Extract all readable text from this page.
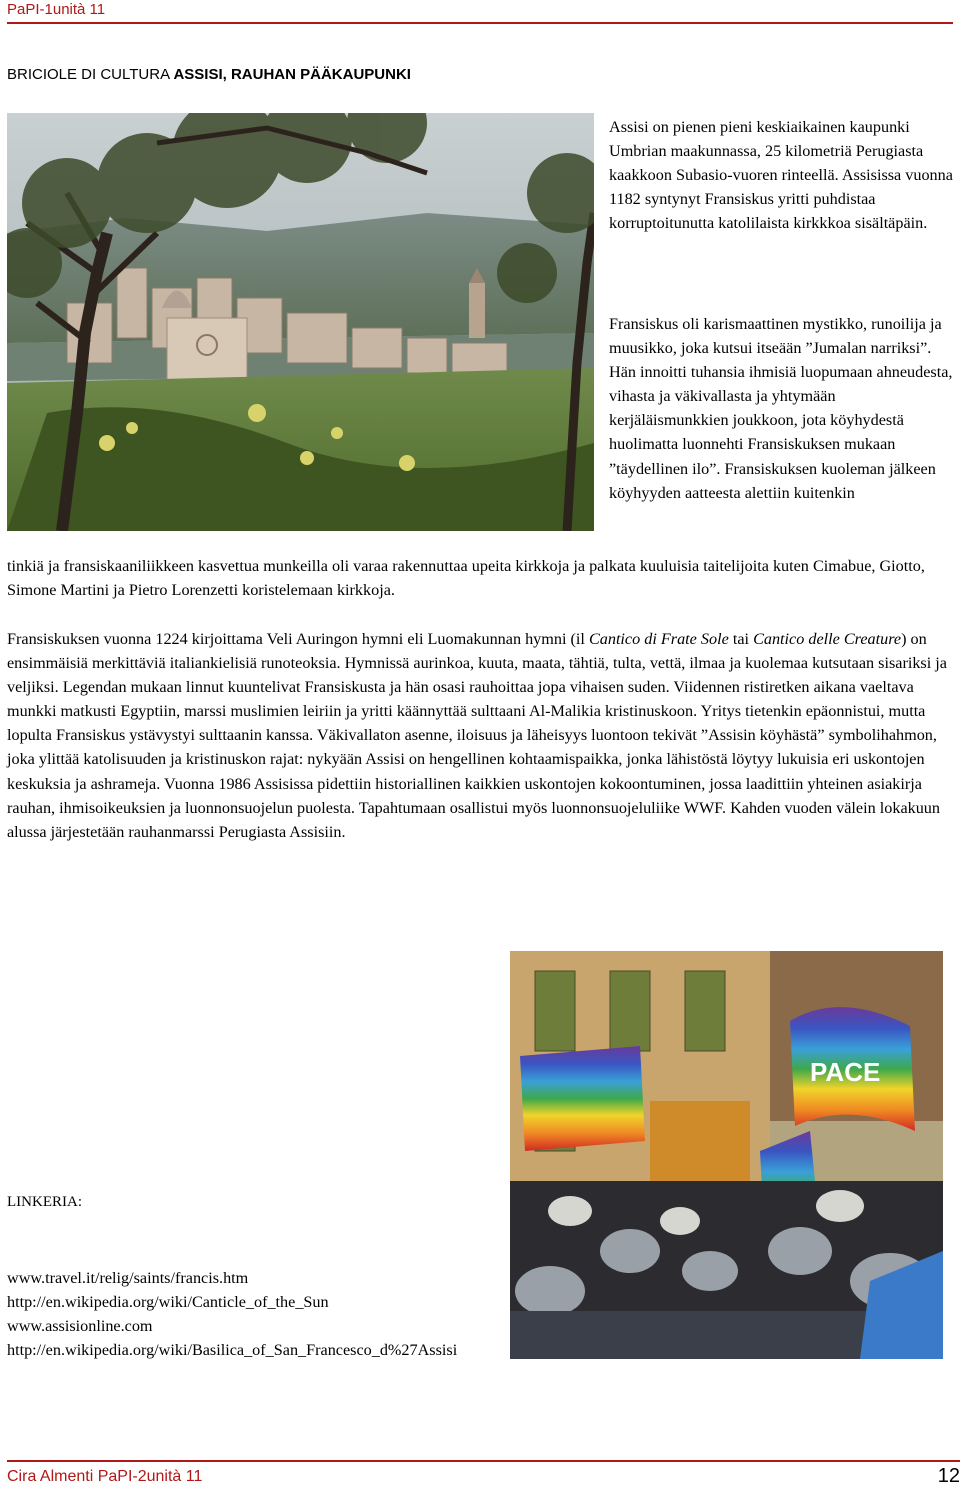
PaPI-1unità 11
BRICIOLE DI CULTURA ASSISI, RAUHAN PÄÄKAUPUNKI

Assisi on pienen pieni keskiaikainen kaupunki Umbrian maakunnassa, 25 kilometriä Perugiasta kaakkoon Subasio-vuoren rinteellä. Assisissa vuonna 1182 syntynyt Fransiskus yritti puhdistaa korruptoitunutta katolilaista kirkkkoa sisältäpäin.

Fransiskus oli karismaattinen mystikko, runoilija ja muusikko, joka kutsui itseään ”Jumalan narriksi”. Hän innoitti tuhansia ihmisiä luopumaan ahneudesta, vihasta ja väkivallasta ja yhtymään kerjäläismunkkien joukkoon, jota köyhydestä huolimatta luonnehti Fransiskuksen mukaan ”täydellinen ilo”. Fransiskuksen kuoleman jälkeen köyhyyden aatteesta alettiin kuitenkin

tinkiä ja fransiskaaniliikkeen kasvettua munkeilla oli varaa rakennuttaa upeita kirkkoja ja palkata kuuluisia taitelijoita kuten Cimabue, Giotto, Simone Martini ja Pietro Lorenzetti koristelemaan kirkkoja.

Fransiskuksen vuonna 1224 kirjoittama Veli Auringon hymni eli Luomakunnan hymni (il Cantico di Frate Sole tai Cantico delle Creature) on ensimmäisiä merkittäviä italiankielisiä runoteoksia. Hymnissä aurinkoa, kuuta, maata, tähtiä, tulta, vettä, ilmaa ja kuolemaa kutsutaan sisariksi ja veljiksi. Legendan mukaan linnut kuuntelivat Fransiskusta ja hän osasi rauhoittaa jopa vihaisen suden. Viidennen ristiretken aikana vaeltava munkki matkusti Egyptiin, marssi muslimien leiriin ja yritti käännyttää sulttaani Al-Malikia kristinuskoon. Yritys tietenkin epäonnistui, mutta lopulta Fransiskus ystävystyi sulttaanin kanssa. Väkivallaton asenne, iloisuus ja läheisyys luontoon tekivät ”Assisin köyhästä” symbolihahmon, joka ylittää katolisuuden ja kristinuskon rajat: nykyään Assisi on hengellinen kohtaamispaikka, jonka lähistöstä löytyy lukuisia eri uskontojen keskuksia ja ashrameja. Vuonna 1986 Assisissa pidettiin historiallinen kaikkien uskontojen kokoontuminen, jossa laadittiin yhteinen asiakirja rauhan, ihmisoikeuksien ja luonnonsuojelun puolesta. Tapahtumaan osallistui myös luonnonsuojeluliike WWF. Kahden vuoden välein lokakuun alussa järjestetään rauhanmarssi Perugiasta Assisiin.

PACE
LINKERIA:
www.travel.it/relig/saints/francis.htm
http://en.wikipedia.org/wiki/Canticle_of_the_Sun
www.assisionline.com
http://en.wikipedia.org/wiki/Basilica_of_San_Francesco_d%27Assisi
Cira Almenti PaPI-2unità 11	12
